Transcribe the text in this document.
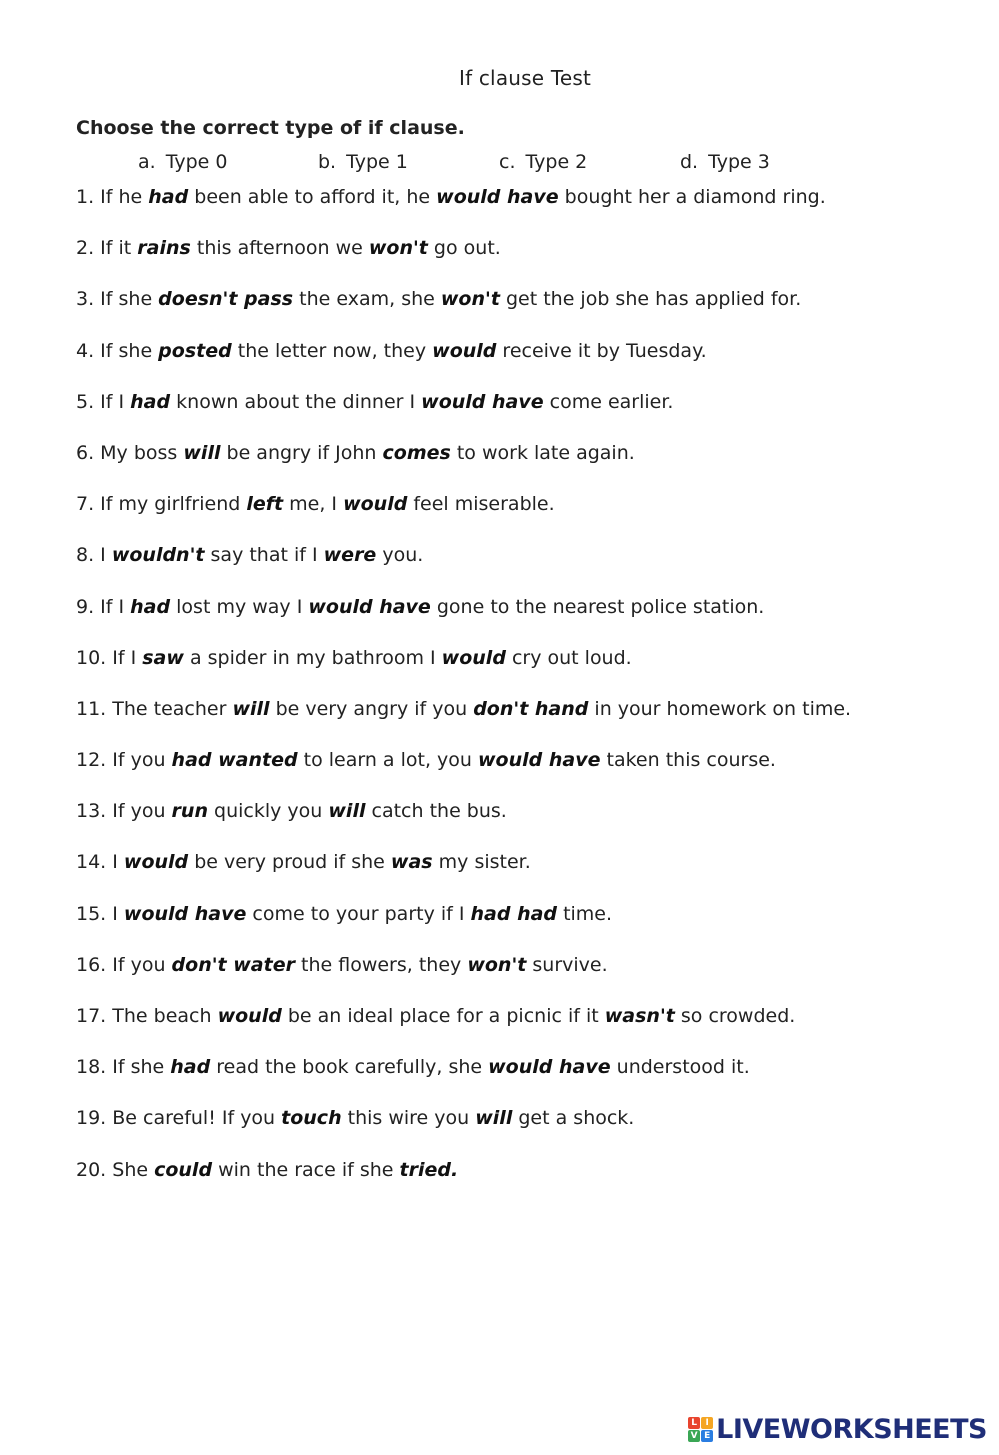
If clause Test
Choose the correct type of if clause.
a. Type 0	b. Type 1	c. Type 2	d. Type 3
1. If he had been able to afford it, he would have bought her a diamond ring.
2. If it rains this afternoon we won't go out.
3. If she doesn't pass the exam, she won't get the job she has applied for.
4. If she posted the letter now, they would receive it by Tuesday.
5. If I had known about the dinner I would have come earlier.
6. My boss will be angry if John comes to work late again.
7. If my girlfriend left me, I would feel miserable.
8. I wouldn't say that if I were you.
9. If I had lost my way I would have gone to the nearest police station.
10. If I saw a spider in my bathroom I would cry out loud.
11. The teacher will be very angry if you don't hand in your homework on time.
12. If you had wanted to learn a lot, you would have taken this course.
13. If you run quickly you will catch the bus.
14. I would be very proud if she was my sister.
15. I would have come to your party if I had had time.
16. If you don't water the flowers, they won't survive.
17. The beach would be an ideal place for a picnic if it wasn't so crowded.
18. If she had read the book carefully, she would have understood it.
19. Be careful! If you touch this wire you will get a shock.
20. She could win the race if she tried.
L I
V E LIVEWORKSHEETS
